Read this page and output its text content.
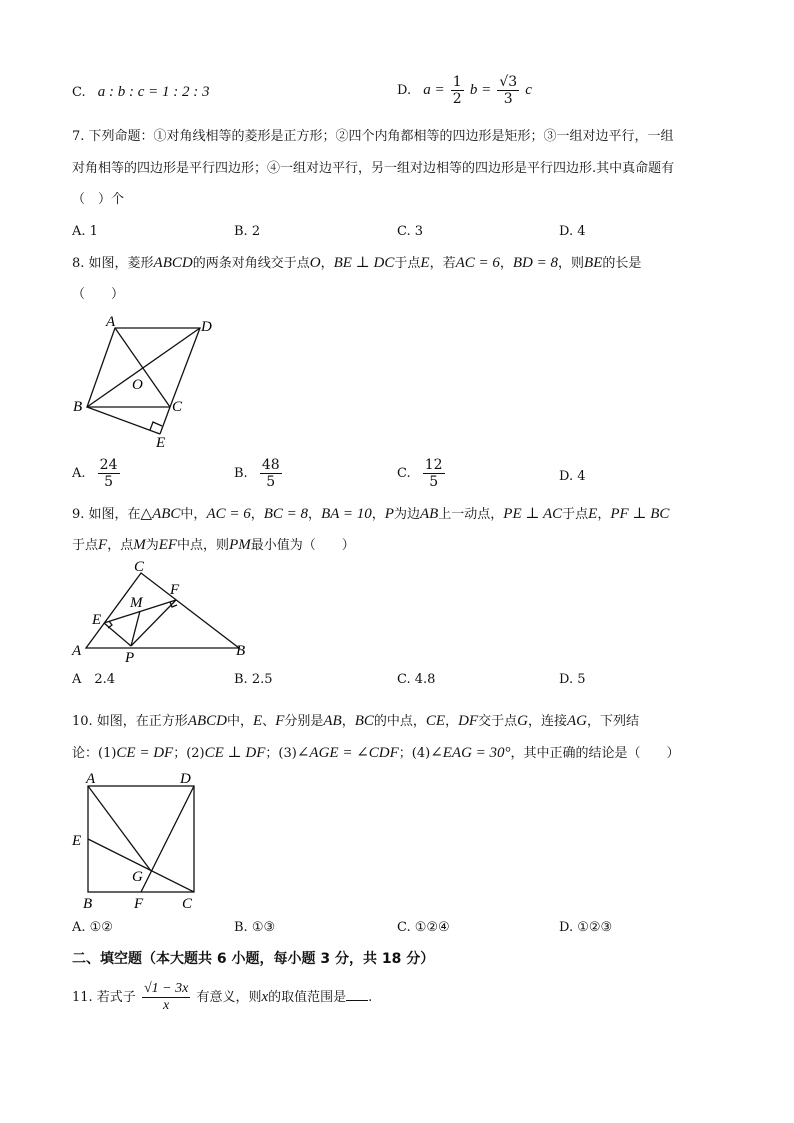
C. a : b : c = 1 : 2 : 3	D. $a = \frac{1}{2}$ $b = \frac{√3}{3}$ c
7. 下列命题：①对角线相等的菱形是正方形；②四个内角都相等的四边形是矩形；③一组对边平行，一组
对角相等的四边形是平行四边形；④一组对边平行，另一组对边相等的四边形是平行四边形.其中真命题有
（　）个
A. 1	B. 2	C. 3	D. 4
8. 如图，菱形ABCD的两条对角线交于点O，BE ⊥ DC于点E，若AC = 6，BD = 8，则BE的长是
（　　）
A	D
O
B	C
E
A. $\frac{24}{5}$	B. $\frac{48}{5}$	C. $\frac{12}{5}$	D. 4
9. 如图，在△ABC中，AC = 6，BC = 8，BA = 10，P为边AB上一动点，PE ⊥ AC于点E，PF ⊥ BC
于点F，点M为EF中点，则PM最小值为（　　）
C
F
M
E
A	P	B
A　2.4	B. 2.5	C. 4.8	D. 5
10. 如图，在正方形ABCD中，E、F分别是AB，BC的中点，CE，DF交于点G，连接AG，下列结
论：(1)CE = DF；(2)CE ⊥ DF；(3)∠AGE = ∠CDF；(4)∠EAG = 30°，其中正确的结论是（　　）
A	D
E
G
B	F	C
A. ①②	B. ①③	C. ①②④	D. ①②③
二、填空题（本大题共 6 小题，每小题 3 分，共 18 分）
11. 若式子 $\frac{√1 - 3x}{x}$ 有意义，则x的取值范围是 .
